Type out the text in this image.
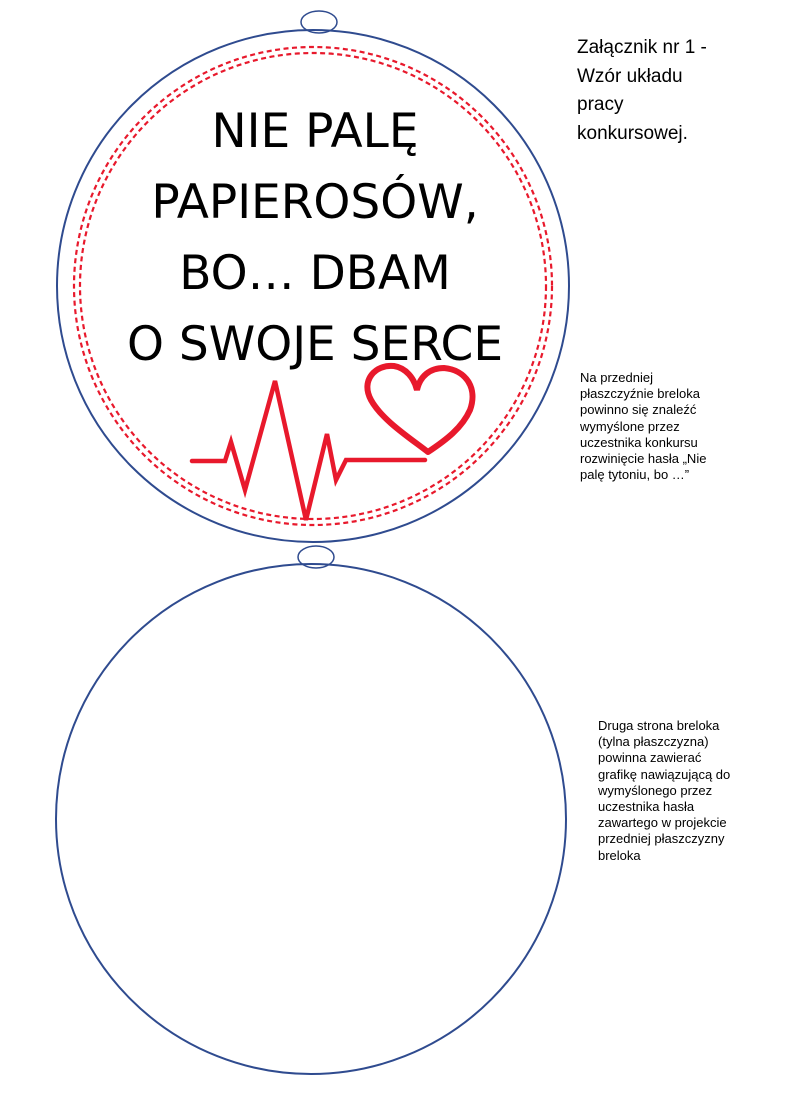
NIE PALĘ
PAPIEROSÓW,
BO… DBAM
O SWOJE SERCE
Załącznik nr 1 -
Wzór układu
pracy
konkursowej.
Na przedniej
płaszczyźnie breloka
powinno się znaleźć
wymyślone przez
uczestnika konkursu
rozwinięcie hasła „Nie
palę tytoniu, bo …”
Druga strona breloka
(tylna płaszczyzna)
powinna zawierać
grafikę nawiązującą do
wymyślonego przez
uczestnika hasła
zawartego w projekcie
przedniej płaszczyzny
breloka
